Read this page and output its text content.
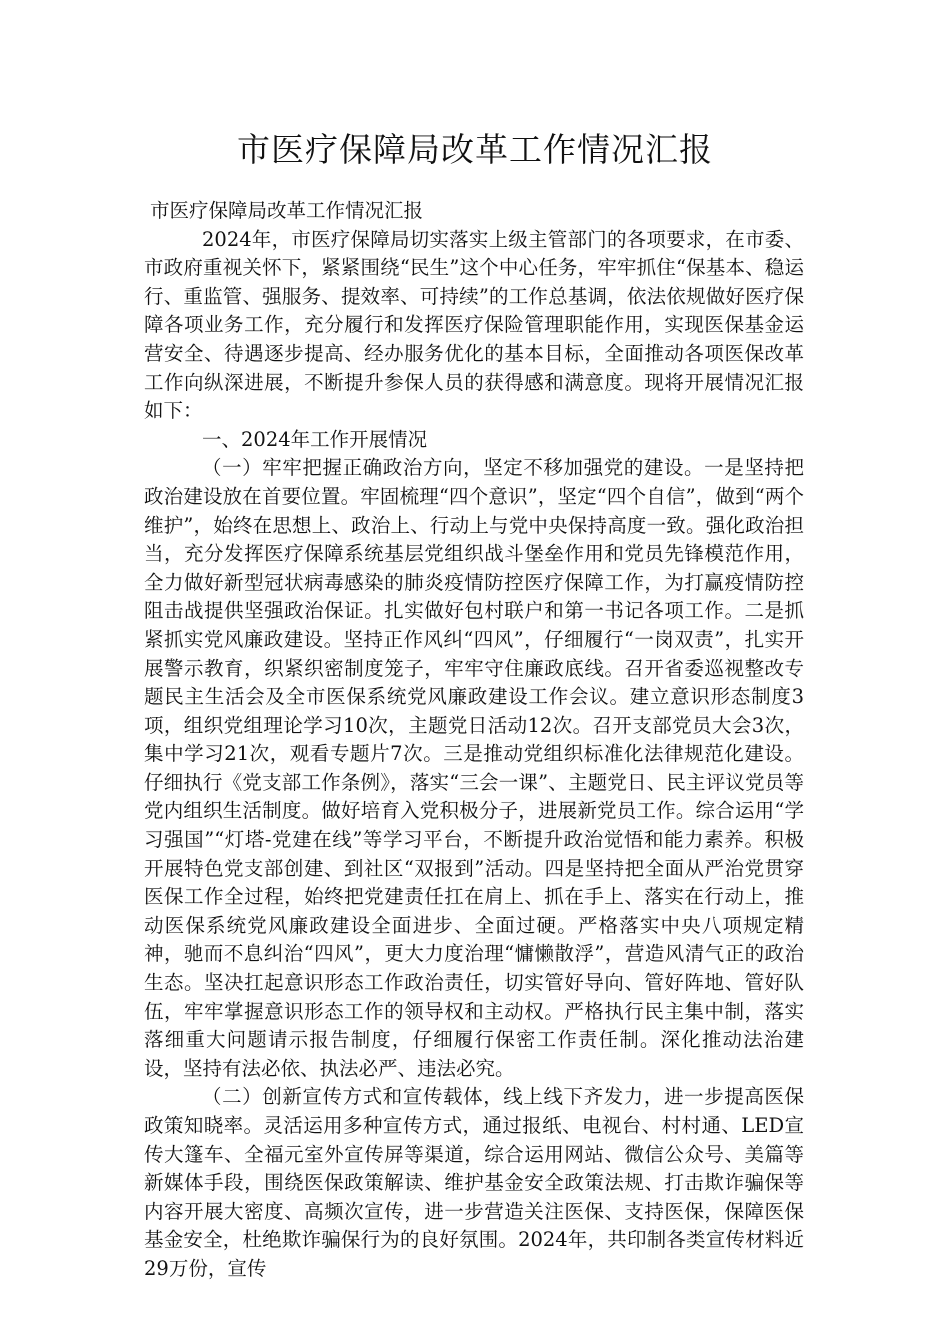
市医疗保障局改革工作情况汇报

市医疗保障局改革工作情况汇报

2024年，市医疗保障局切实落实上级主管部门的各项要求，在市委、市政府重视关怀下，紧紧围绕“民生”这个中心任务，牢牢抓住“保基本、稳运行、重监管、强服务、提效率、可持续”的工作总基调，依法依规做好医疗保障各项业务工作，充分履行和发挥医疗保险管理职能作用，实现医保基金运营安全、待遇逐步提高、经办服务优化的基本目标，全面推动各项医保改革工作向纵深进展，不断提升参保人员的获得感和满意度。现将开展情况汇报如下：

一、2024年工作开展情况

（一）牢牢把握正确政治方向，坚定不移加强党的建设。一是坚持把政治建设放在首要位置。牢固梳理“四个意识”，坚定“四个自信”，做到“两个维护”，始终在思想上、政治上、行动上与党中央保持高度一致。强化政治担当，充分发挥医疗保障系统基层党组织战斗堡垒作用和党员先锋模范作用，全力做好新型冠状病毒感染的肺炎疫情防控医疗保障工作，为打赢疫情防控阻击战提供坚强政治保证。扎实做好包村联户和第一书记各项工作。二是抓紧抓实党风廉政建设。坚持正作风纠“四风”，仔细履行“一岗双责”，扎实开展警示教育，织紧织密制度笼子，牢牢守住廉政底线。召开省委巡视整改专题民主生活会及全市医保系统党风廉政建设工作会议。建立意识形态制度3项，组织党组理论学习10次，主题党日活动12次。召开支部党员大会3次，集中学习21次，观看专题片7次。三是推动党组织标准化法律规范化建设。仔细执行《党支部工作条例》，落实“三会一课”、主题党日、民主评议党员等党内组织生活制度。做好培育入党积极分子，进展新党员工作。综合运用“学习强国”“灯塔-党建在线”等学习平台，不断提升政治觉悟和能力素养。积极开展特色党支部创建、到社区“双报到”活动。四是坚持把全面从严治党贯穿医保工作全过程，始终把党建责任扛在肩上、抓在手上、落实在行动上，推动医保系统党风廉政建设全面进步、全面过硬。严格落实中央八项规定精神，驰而不息纠治“四风”，更大力度治理“慵懒散浮”，营造风清气正的政治生态。坚决扛起意识形态工作政治责任，切实管好导向、管好阵地、管好队伍，牢牢掌握意识形态工作的领导权和主动权。严格执行民主集中制，落实落细重大问题请示报告制度，仔细履行保密工作责任制。深化推动法治建设，坚持有法必依、执法必严、违法必究。

（二）创新宣传方式和宣传载体，线上线下齐发力，进一步提高医保政策知晓率。灵活运用多种宣传方式，通过报纸、电视台、村村通、LED宣传大篷车、全福元室外宣传屏等渠道，综合运用网站、微信公众号、美篇等新媒体手段，围绕医保政策解读、维护基金安全政策法规、打击欺诈骗保等内容开展大密度、高频次宣传，进一步营造关注医保、支持医保，保障医保基金安全，杜绝欺诈骗保行为的良好氛围。2024年，共印制各类宣传材料近29万份，宣传
